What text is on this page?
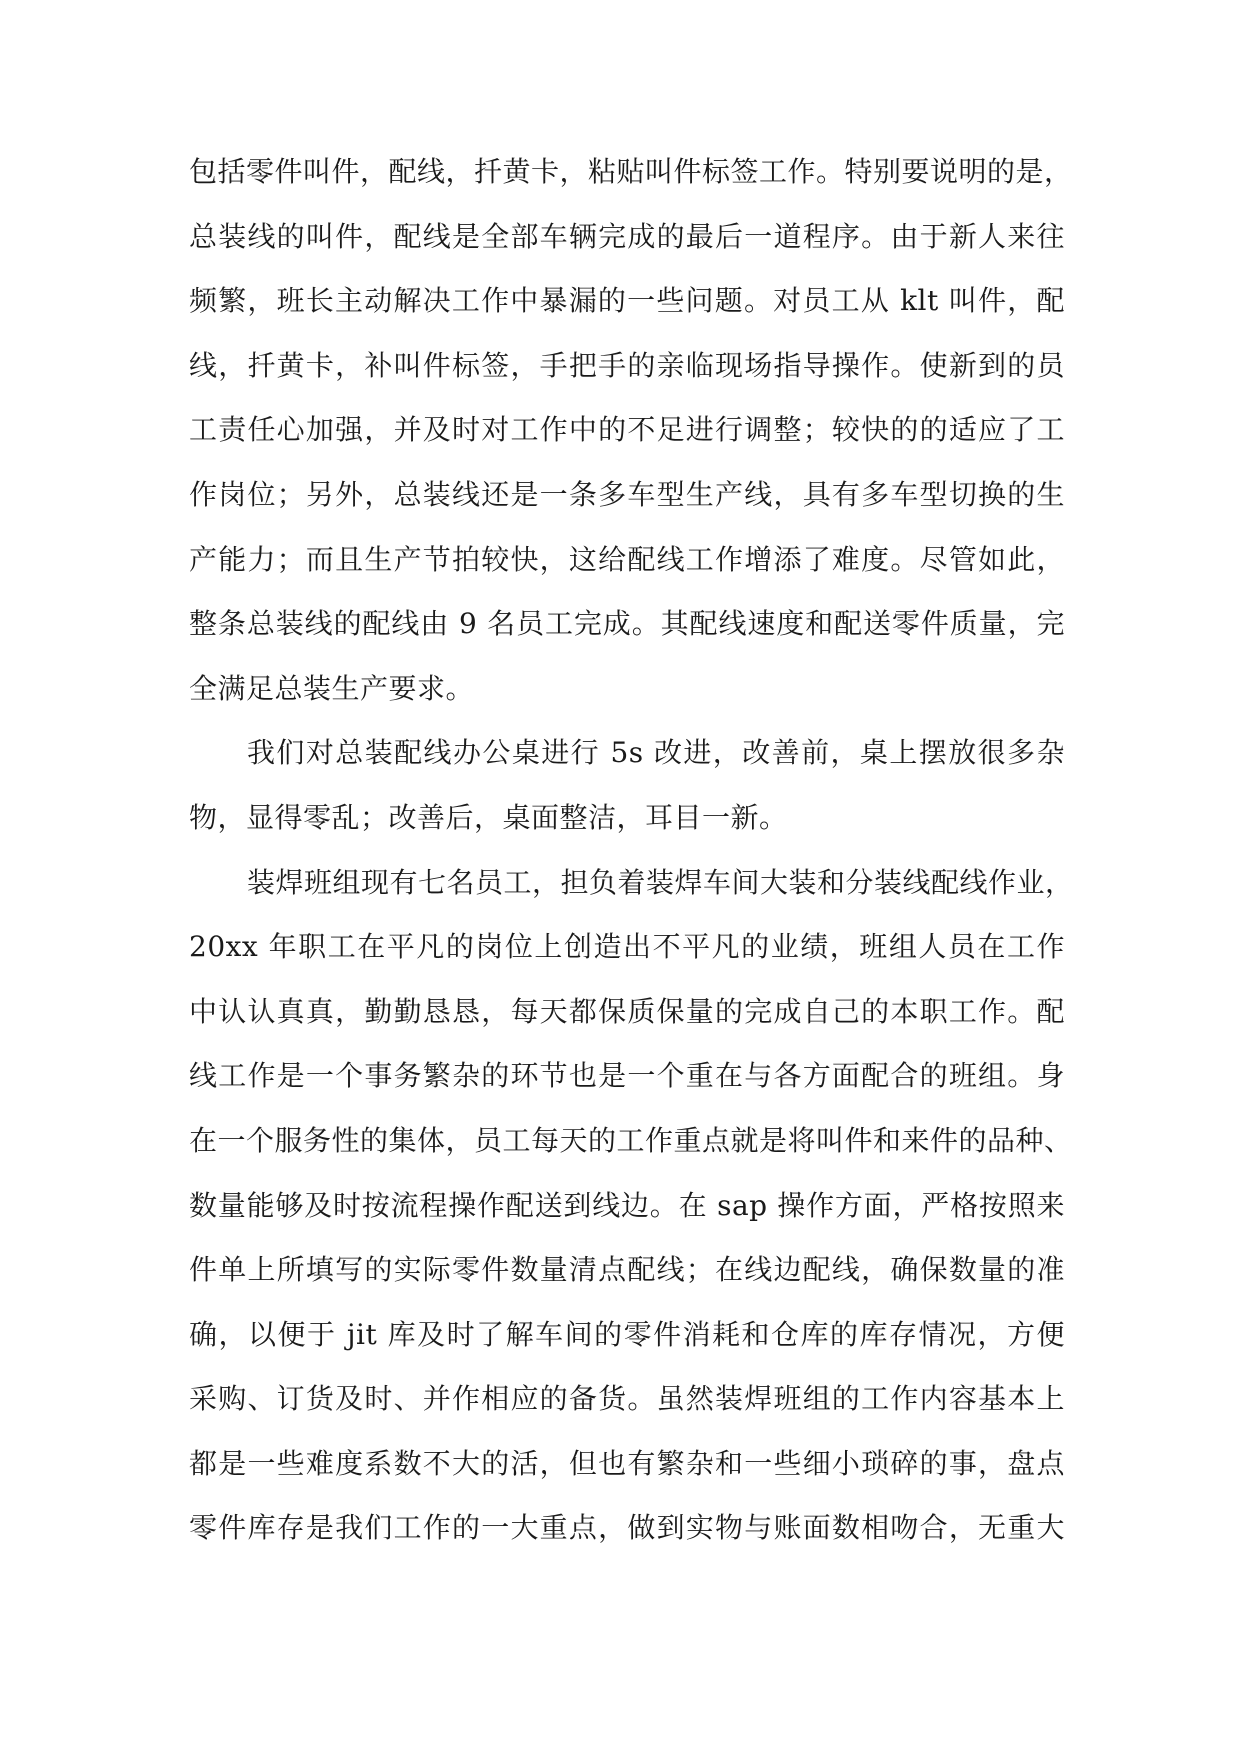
包括零件叫件，配线，扦黄卡，粘贴叫件标签工作。特别要说明的是，
总装线的叫件，配线是全部车辆完成的最后一道程序。由于新人来往
频繁，班长主动解决工作中暴漏的一些问题。对员工从 klt 叫件，配
线，扦黄卡，补叫件标签，手把手的亲临现场指导操作。使新到的员
工责任心加强，并及时对工作中的不足进行调整；较快的的适应了工
作岗位；另外，总装线还是一条多车型生产线，具有多车型切换的生
产能力；而且生产节拍较快，这给配线工作增添了难度。尽管如此，
整条总装线的配线由 9 名员工完成。其配线速度和配送零件质量，完
全满足总装生产要求。
我们对总装配线办公桌进行 5s 改进，改善前，桌上摆放很多杂
物，显得零乱；改善后，桌面整洁，耳目一新。
装焊班组现有七名员工，担负着装焊车间大装和分装线配线作业，
20xx 年职工在平凡的岗位上创造出不平凡的业绩，班组人员在工作
中认认真真，勤勤恳恳，每天都保质保量的完成自己的本职工作。配
线工作是一个事务繁杂的环节也是一个重在与各方面配合的班组。身
在一个服务性的集体，员工每天的工作重点就是将叫件和来件的品种、
数量能够及时按流程操作配送到线边。在 sap 操作方面，严格按照来
件单上所填写的实际零件数量清点配线；在线边配线，确保数量的准
确，以便于 jit 库及时了解车间的零件消耗和仓库的库存情况，方便
采购、订货及时、并作相应的备货。虽然装焊班组的工作内容基本上
都是一些难度系数不大的活，但也有繁杂和一些细小琐碎的事，盘点
零件库存是我们工作的一大重点，做到实物与账面数相吻合，无重大
